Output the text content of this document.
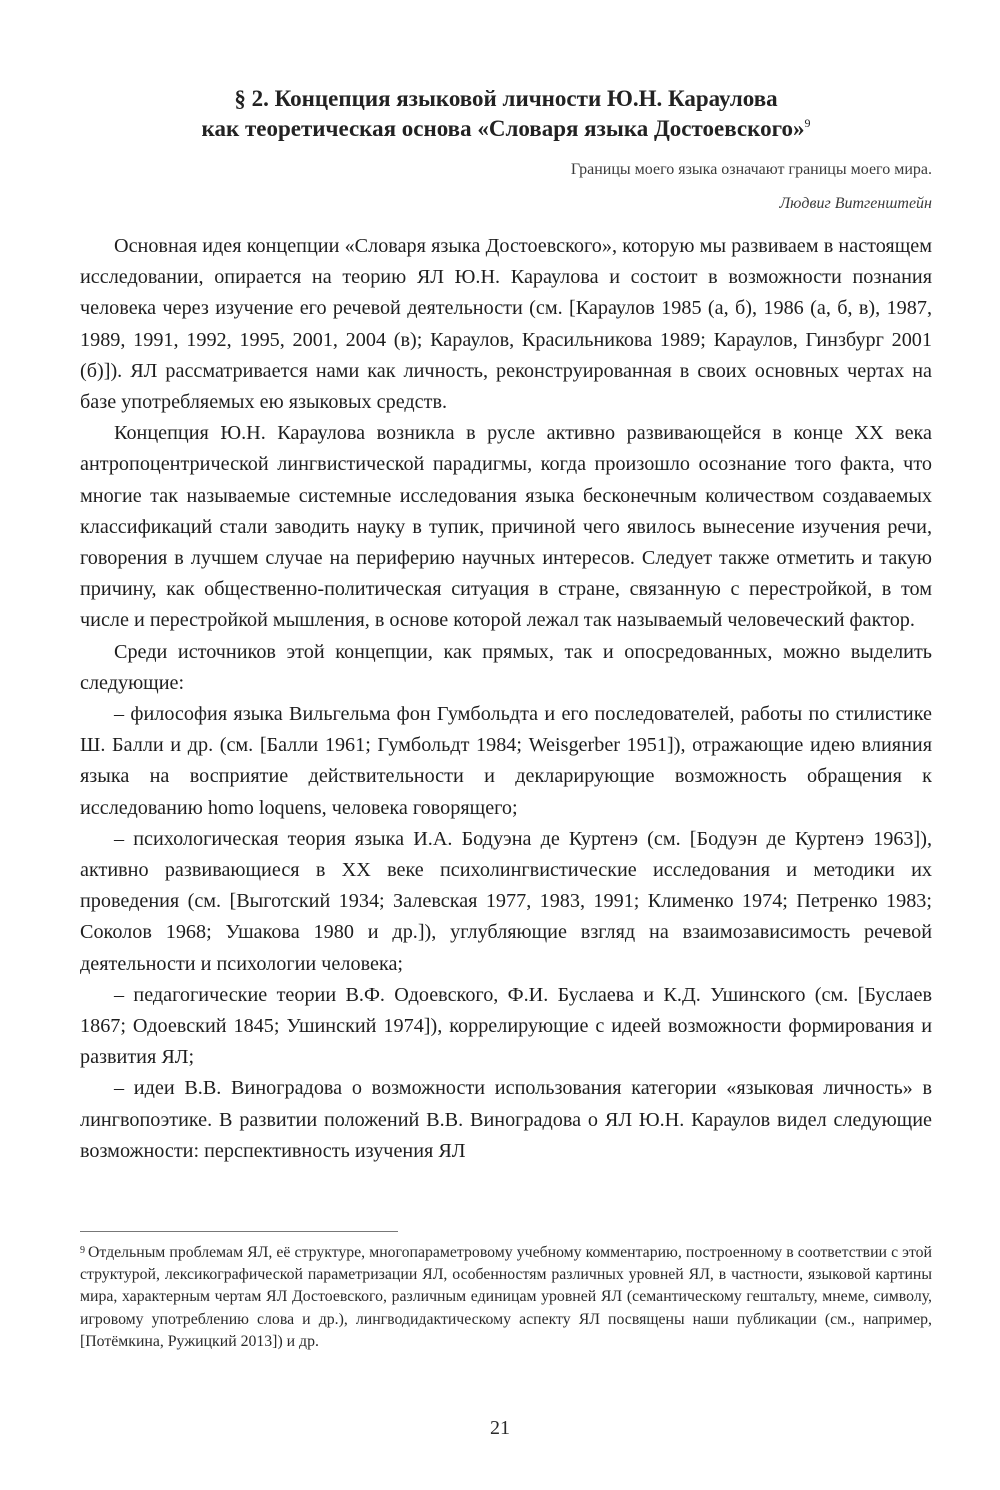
§ 2. Концепция языковой личности Ю.Н. Караулова
как теоретическая основа «Словаря языка Достоевского»$^9$
Границы моего языка означают границы моего мира.
Людвиг Витгенштейн

Основная идея концепции «Словаря языка Достоевского», которую мы развиваем в настоящем исследовании, опирается на теорию ЯЛ Ю.Н. Караулова и состоит в возможности познания человека через изучение его речевой деятельности (см. [Караулов 1985 (а, б), 1986 (а, б, в), 1987, 1989, 1991, 1992, 1995, 2001, 2004 (в); Караулов, Красильникова 1989; Караулов, Гинзбург 2001 (б)]). ЯЛ рассматривается нами как личность, реконструированная в своих основных чертах на базе употребляемых ею языковых средств.

Концепция Ю.Н. Караулова возникла в русле активно развивающейся в конце XX века антропоцентрической лингвистической парадигмы, когда произошло осознание того факта, что многие так называемые системные исследования языка бесконечным количеством создаваемых классификаций стали заводить науку в тупик, причиной чего явилось вынесение изучения речи, говорения в лучшем случае на периферию научных интересов. Следует также отметить и такую причину, как общественно-политическая ситуация в стране, связанную с перестройкой, в том числе и перестройкой мышления, в основе которой лежал так называемый человеческий фактор.

Среди источников этой концепции, как прямых, так и опосредованных, можно выделить следующие:

– философия языка Вильгельма фон Гумбольдта и его последователей, работы по стилистике Ш. Балли и др. (см. [Балли 1961; Гумбольдт 1984; Weisgerber 1951]), отражающие идею влияния языка на восприятие действительности и декларирующие возможность обращения к исследованию homo loquens, человека говорящего;

– психологическая теория языка И.А. Бодуэна де Куртенэ (см. [Бодуэн де Куртенэ 1963]), активно развивающиеся в XX веке психолингвистические исследования и методики их проведения (см. [Выготский 1934; Залевская 1977, 1983, 1991; Клименко 1974; Петренко 1983; Соколов 1968; Ушакова 1980 и др.]), углубляющие взгляд на взаимозависимость речевой деятельности и психологии человека;

– педагогические теории В.Ф. Одоевского, Ф.И. Буслаева и К.Д. Ушинского (см. [Буслаев 1867; Одоевский 1845; Ушинский 1974]), коррелирующие с идеей возможности формирования и развития ЯЛ;

– идеи В.В. Виноградова о возможности использования категории «языковая личность» в лингвопоэтике. В развитии положений В.В. Виноградова о ЯЛ Ю.Н. Караулов видел следующие возможности: перспективность изучения ЯЛ

$^9$ Отдельным проблемам ЯЛ, её структуре, многопараметровому учебному комментарию, построенному в соответствии с этой структурой, лексикографической параметризации ЯЛ, особенностям различных уровней ЯЛ, в частности, языковой картины мира, характерным чертам ЯЛ Достоевского, различным единицам уровней ЯЛ (семантическому гештальту, мнеме, символу, игровому употреблению слова и др.), лингводидактическому аспекту ЯЛ посвящены наши публикации (см., например, [Потёмкина, Ружицкий 2013]) и др.

21
